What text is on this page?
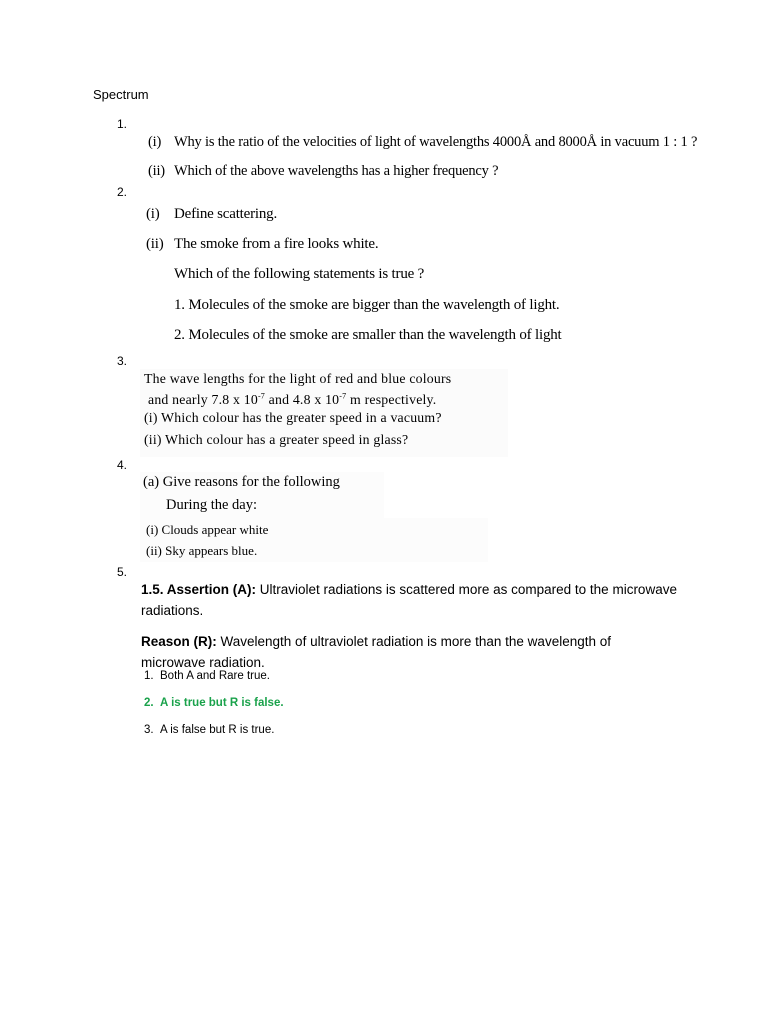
Spectrum
1.
(i) Why is the ratio of the velocities of light of wavelengths 4000Å and 8000Å in vacuum 1 : 1 ?
(ii) Which of the above wavelengths has a higher frequency ?
2.
(i) Define scattering.
(ii) The smoke from a fire looks white.
Which of the following statements is true ?
1. Molecules of the smoke are bigger than the wavelength of light.
2. Molecules of the smoke are smaller than the wavelength of light
3.
The wave lengths for the light of red and blue colours
and nearly 7.8 x $10^{-7}$ and 4.8 x $10^{-7}$ m respectively.
(i) Which colour has the greater speed in a vacuum?
(ii) Which colour has a greater speed in glass?
4.
(a) Give reasons for the following
During the day:
(i) Clouds appear white
(ii) Sky appears blue.
5.
1.5. Assertion (A): Ultraviolet radiations is scattered more as compared to the microwave
radiations.
Reason (R): Wavelength of ultraviolet radiation is more than the wavelength of
microwave radiation.
1. Both A and Rare true.
2. A is true but R is false.
3. A is false but R is true.
